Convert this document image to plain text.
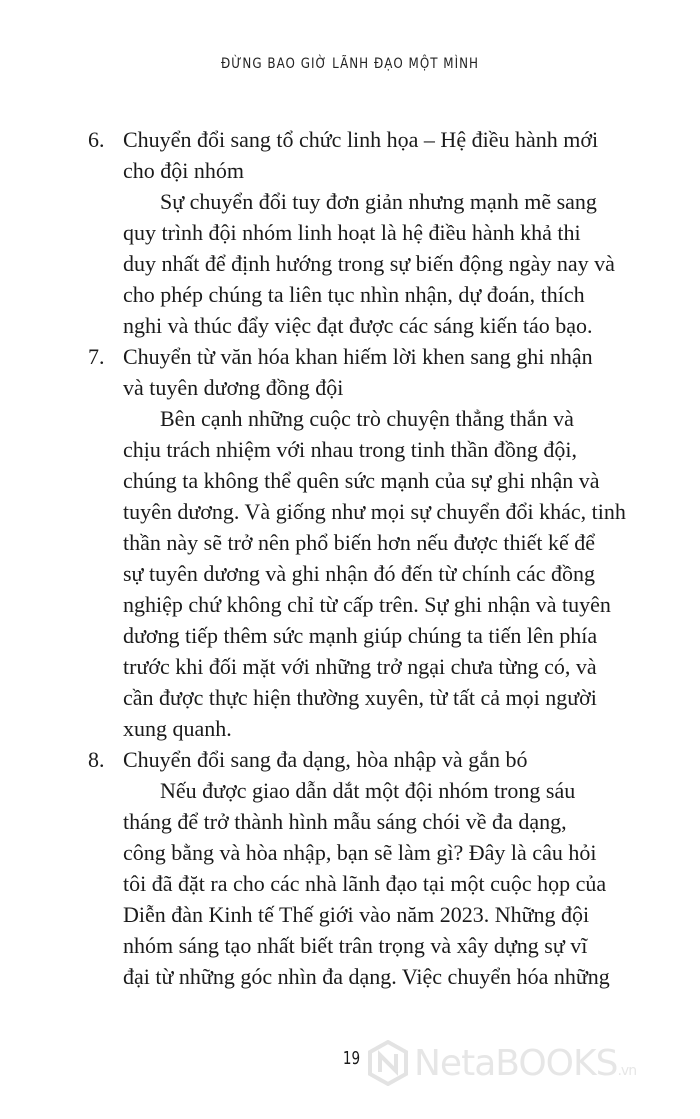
ĐỪNG BAO GIỜ LÃNH ĐẠO MỘT MÌNH
6. Chuyển đổi sang tổ chức linh họa – Hệ điều hành mới
cho đội nhóm
Sự chuyển đổi tuy đơn giản nhưng mạnh mẽ sang
quy trình đội nhóm linh hoạt là hệ điều hành khả thi
duy nhất để định hướng trong sự biến động ngày nay và
cho phép chúng ta liên tục nhìn nhận, dự đoán, thích
nghi và thúc đẩy việc đạt được các sáng kiến táo bạo.
7. Chuyển từ văn hóa khan hiếm lời khen sang ghi nhận
và tuyên dương đồng đội
Bên cạnh những cuộc trò chuyện thẳng thắn và
chịu trách nhiệm với nhau trong tinh thần đồng đội,
chúng ta không thể quên sức mạnh của sự ghi nhận và
tuyên dương. Và giống như mọi sự chuyển đổi khác, tinh
thần này sẽ trở nên phổ biến hơn nếu được thiết kế để
sự tuyên dương và ghi nhận đó đến từ chính các đồng
nghiệp chứ không chỉ từ cấp trên. Sự ghi nhận và tuyên
dương tiếp thêm sức mạnh giúp chúng ta tiến lên phía
trước khi đối mặt với những trở ngại chưa từng có, và
cần được thực hiện thường xuyên, từ tất cả mọi người
xung quanh.
8. Chuyển đổi sang đa dạng, hòa nhập và gắn bó
Nếu được giao dẫn dắt một đội nhóm trong sáu
tháng để trở thành hình mẫu sáng chói về đa dạng,
công bằng và hòa nhập, bạn sẽ làm gì? Đây là câu hỏi
tôi đã đặt ra cho các nhà lãnh đạo tại một cuộc họp của
Diễn đàn Kinh tế Thế giới vào năm 2023. Những đội
nhóm sáng tạo nhất biết trân trọng và xây dựng sự vĩ
đại từ những góc nhìn đa dạng. Việc chuyển hóa những
19 NetaBOOKS.vn
